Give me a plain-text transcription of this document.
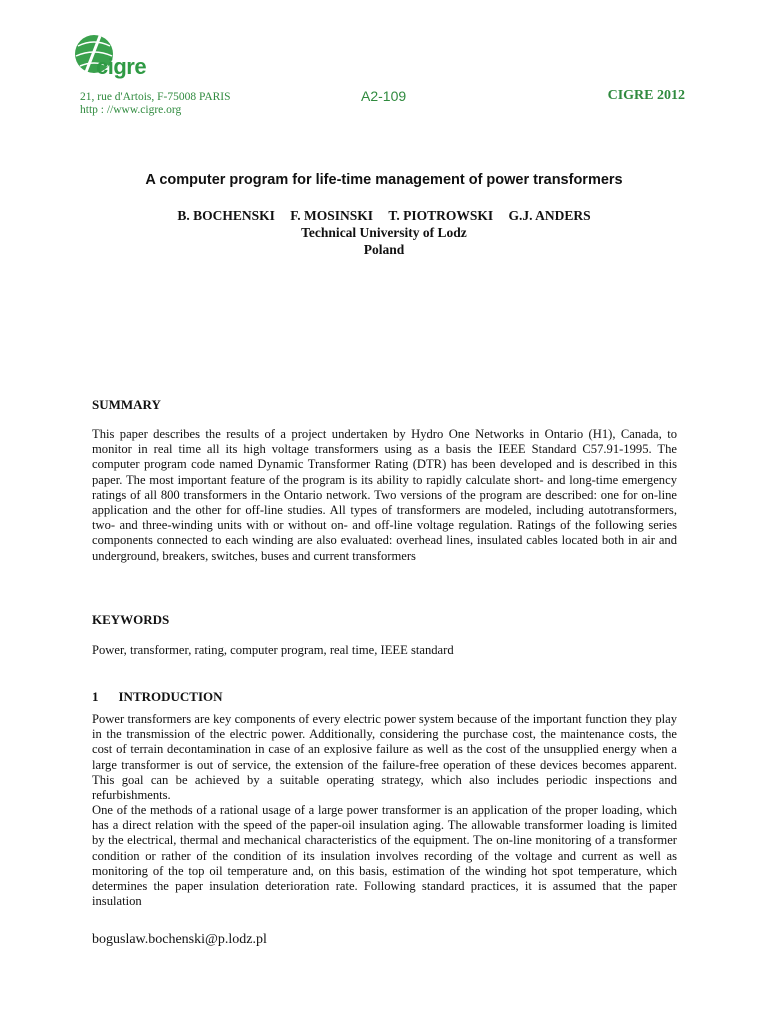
cigre
21, rue d'Artois, F-75008 PARIS
http : //www.cigre.org
A2-109	CIGRE 2012
A computer program for life-time management of power transformers
B. BOCHENSKI F. MOSINSKI T. PIOTROWSKI G.J. ANDERS
Technical University of Lodz
Poland
SUMMARY

This paper describes the results of a project undertaken by Hydro One Networks in Ontario (H1), Canada, to monitor in real time all its high voltage transformers using as a basis the IEEE Standard C57.91-1995. The computer program code named Dynamic Transformer Rating (DTR) has been developed and is described in this paper. The most important feature of the program is its ability to rapidly calculate short- and long-time emergency ratings of all 800 transformers in the Ontario network. Two versions of the program are described: one for on-line application and the other for off-line studies. All types of transformers are modeled, including autotransformers, two- and three-winding units with or without on- and off-line voltage regulation. Ratings of the following series components connected to each winding are also evaluated: overhead lines, insulated cables located both in air and underground, breakers, switches, buses and current transformers

KEYWORDS

Power, transformer, rating, computer program, real time, IEEE standard

1 INTRODUCTION

Power transformers are key components of every electric power system because of the important function they play in the transmission of the electric power. Additionally, considering the purchase cost, the maintenance costs, the cost of terrain decontamination in case of an explosive failure as well as the cost of the unsupplied energy when a large transformer is out of service, the extension of the failure-free operation of these devices becomes apparent. This goal can be achieved by a suitable operating strategy, which also includes periodic inspections and refurbishments.

One of the methods of a rational usage of a large power transformer is an application of the proper loading, which has a direct relation with the speed of the paper-oil insulation aging. The allowable transformer loading is limited by the electrical, thermal and mechanical characteristics of the equipment. The on-line monitoring of a transformer condition or rather of the condition of its insulation involves recording of the voltage and current as well as monitoring of the top oil temperature and, on this basis, estimation of the winding hot spot temperature, which determines the paper insulation deterioration rate. Following standard practices, it is assumed that the paper insulation

boguslaw.bochenski@p.lodz.pl
